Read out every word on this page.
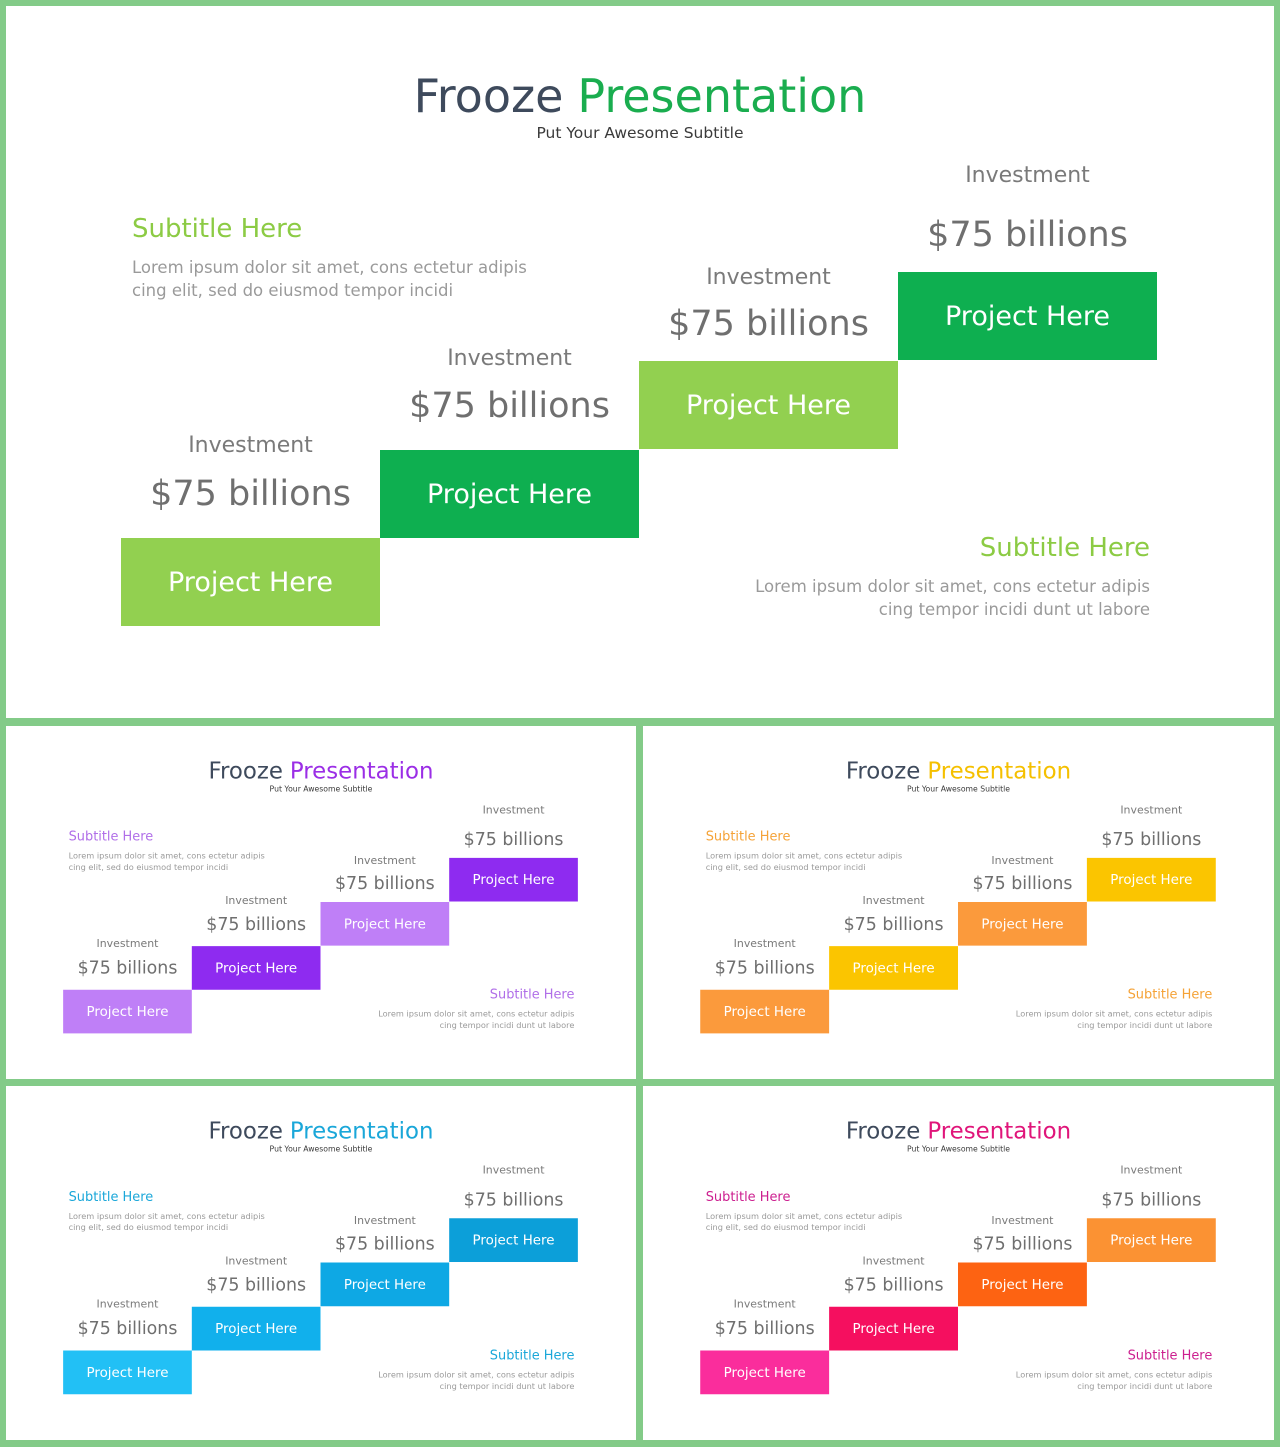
Frooze Presentation
Put Your Awesome Subtitle
Subtitle Here
Lorem ipsum dolor sit amet, cons ectetur adipis cing elit, sed do eiusmod tempor incidi
Subtitle Here
Lorem ipsum dolor sit amet, cons ectetur adipis cing tempor incidi dunt ut labore
Investment
$75 billions
Project Here
Investment
$75 billions
Project Here
Investment
$75 billions
Project Here
Investment
$75 billions
Project Here
Frooze Presentation
Put Your Awesome Subtitle
Subtitle Here
Lorem ipsum dolor sit amet, cons ectetur adipis cing elit, sed do eiusmod tempor incidi
Subtitle Here
Lorem ipsum dolor sit amet, cons ectetur adipis cing tempor incidi dunt ut labore
Investment
$75 billions
Project Here
Investment
$75 billions
Project Here
Investment
$75 billions
Project Here
Investment
$75 billions
Project Here
Frooze Presentation
Put Your Awesome Subtitle
Subtitle Here
Lorem ipsum dolor sit amet, cons ectetur adipis cing elit, sed do eiusmod tempor incidi
Subtitle Here
Lorem ipsum dolor sit amet, cons ectetur adipis cing tempor incidi dunt ut labore
Investment
$75 billions
Project Here
Investment
$75 billions
Project Here
Investment
$75 billions
Project Here
Investment
$75 billions
Project Here
Frooze Presentation
Put Your Awesome Subtitle
Subtitle Here
Lorem ipsum dolor sit amet, cons ectetur adipis cing elit, sed do eiusmod tempor incidi
Subtitle Here
Lorem ipsum dolor sit amet, cons ectetur adipis cing tempor incidi dunt ut labore
Investment
$75 billions
Project Here
Investment
$75 billions
Project Here
Investment
$75 billions
Project Here
Investment
$75 billions
Project Here
Frooze Presentation
Put Your Awesome Subtitle
Subtitle Here
Lorem ipsum dolor sit amet, cons ectetur adipis cing elit, sed do eiusmod tempor incidi
Subtitle Here
Lorem ipsum dolor sit amet, cons ectetur adipis cing tempor incidi dunt ut labore
Investment
$75 billions
Project Here
Investment
$75 billions
Project Here
Investment
$75 billions
Project Here
Investment
$75 billions
Project Here
